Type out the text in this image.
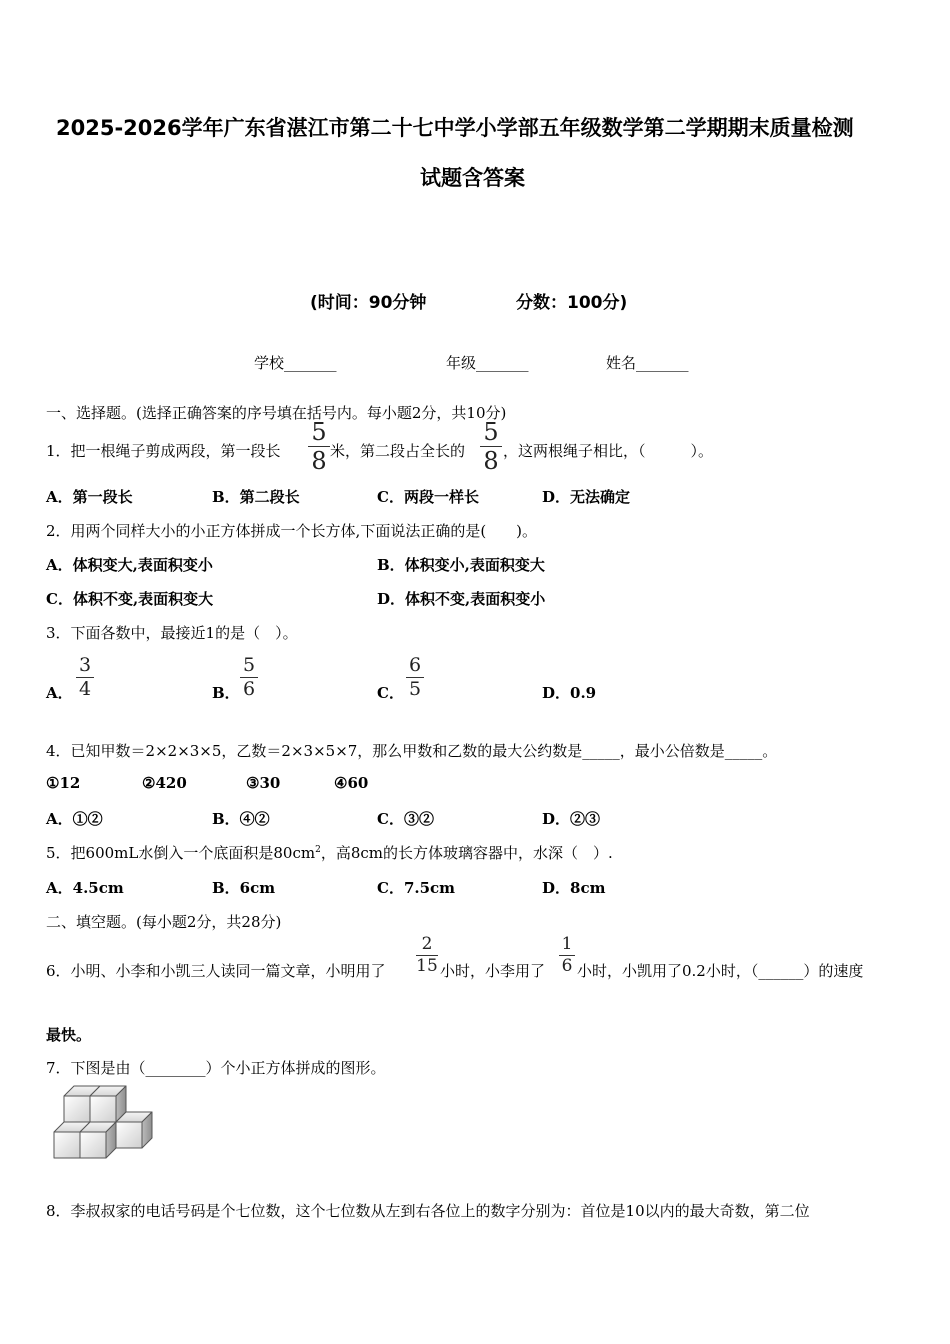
2025-2026学年广东省湛江市第二十七中学小学部五年级数学第二学期期末质量检测
试题含答案
(时间：90分钟	分数：100分)
学校_______	年级_______	姓名_______
一、选择题。(选择正确答案的序号填在括号内。每小题2分，共10分)
1．把一根绳子剪成两段，第一段长
5
8 米，第二段占全长的
5
8 ，这两根绳子相比，（　　　）。
A．第一段长	B．第二段长	C．两段一样长	D．无法确定
2．用两个同样大小的小正方体拼成一个长方体,下面说法正确的是(　　)。
A．体积变大,表面积变小	B．体积变小,表面积变大
C．体积不变,表面积变大	D．体积不变,表面积变小
3．下面各数中，最接近1的是（　）。
A．
3
4	B．
5
6	C．
6
5	D．0.9
4．已知甲数＝2×2×3×5，乙数＝2×3×5×7，那么甲数和乙数的最大公约数是_____，最小公倍数是_____。
①12	②420	③30	④60
A．①②	B．④②	C．③②	D．②③
5．把600mL水倒入一个底面积是$80cm^2$，高8cm的长方体玻璃容器中，水深（　）.
A．4.5cm	B．6cm	C．7.5cm	D．8cm
二、填空题。(每小题2分，共28分)
6．小明、小李和小凯三人读同一篇文章，小明用了
2
15 小时，小李用了
1
6 小时，小凯用了0.2小时，（______）的速度
最快。
7．下图是由（________）个小正方体拼成的图形。
8．李叔叔家的电话号码是个七位数，这个七位数从左到右各位上的数字分别为：首位是10以内的最大奇数，第二位
